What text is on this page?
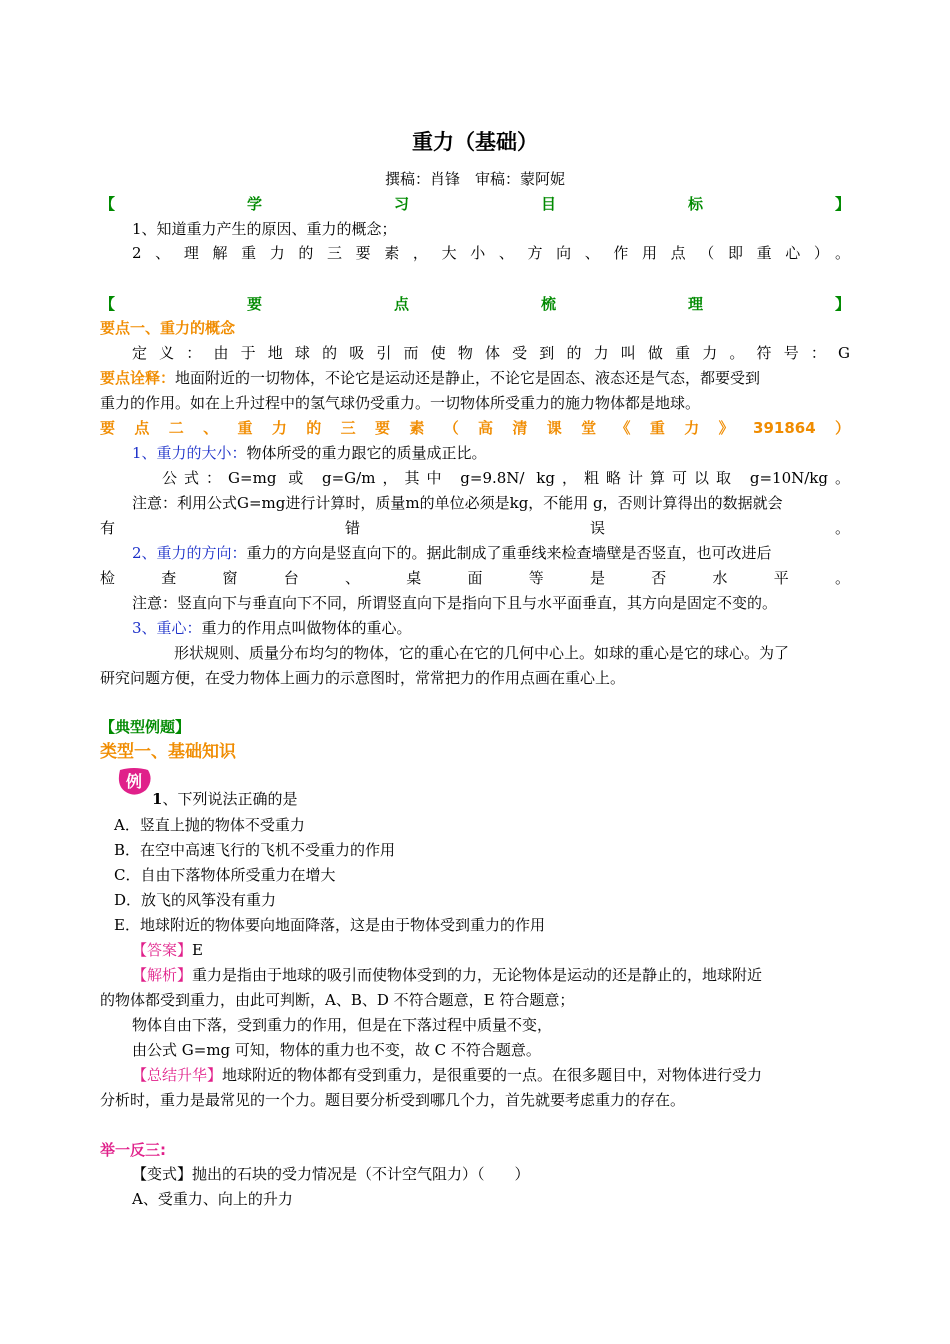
重力（基础）
撰稿：肖锋　审稿：蒙阿妮
【学习目标】
1、知道重力产生的原因、重力的概念；
2、理解重力的三要素，大小、方向、作用点（即重心）。
【要点梳理】
要点一、重力的概念
定义：由于地球的吸引而使物体受到的力叫做重力。符号：G
要点诠释：地面附近的一切物体，不论它是运动还是静止，不论它是固态、液态还是气态，都要受到
重力的作用。如在上升过程中的氢气球仍受重力。一切物体所受重力的施力物体都是地球。
要点二、重力的三要素（高清课堂《重力》391864）
1、重力的大小：物体所受的重力跟它的质量成正比。
公式：G=mg 或 g=G/m，其中 g=9.8N/ kg，粗略计算可以取 g=10N/kg。
注意：利用公式G=mg进行计算时，质量m的单位必须是kg，不能用 g，否则计算得出的数据就会
有错误。
2、重力的方向：重力的方向是竖直向下的。据此制成了重垂线来检查墙壁是否竖直，也可改进后
检查窗台、桌面等是否水平。
注意：竖直向下与垂直向下不同，所谓竖直向下是指向下且与水平面垂直，其方向是固定不变的。
3、重心：重力的作用点叫做物体的重心。
形状规则、质量分布均匀的物体，它的重心在它的几何中心上。如球的重心是它的球心。为了
研究问题方便，在受力物体上画力的示意图时，常常把力的作用点画在重心上。
【典型例题】
类型一、基础知识
例
1、下列说法正确的是
A．竖直上抛的物体不受重力
B．在空中高速飞行的飞机不受重力的作用
C．自由下落物体所受重力在增大
D．放飞的风筝没有重力
E．地球附近的物体要向地面降落，这是由于物体受到重力的作用
【答案】E
【解析】重力是指由于地球的吸引而使物体受到的力，无论物体是运动的还是静止的，地球附近
的物体都受到重力，由此可判断，A、B、D 不符合题意，E 符合题意；
物体自由下落，受到重力的作用，但是在下落过程中质量不变，
由公式 G=mg 可知，物体的重力也不变，故 C 不符合题意。
【总结升华】地球附近的物体都有受到重力，是很重要的一点。在很多题目中，对物体进行受力
分析时，重力是最常见的一个力。题目要分析受到哪几个力，首先就要考虑重力的存在。
举一反三:
【变式】抛出的石块的受力情况是（不计空气阻力）（　　）
A、受重力、向上的升力
